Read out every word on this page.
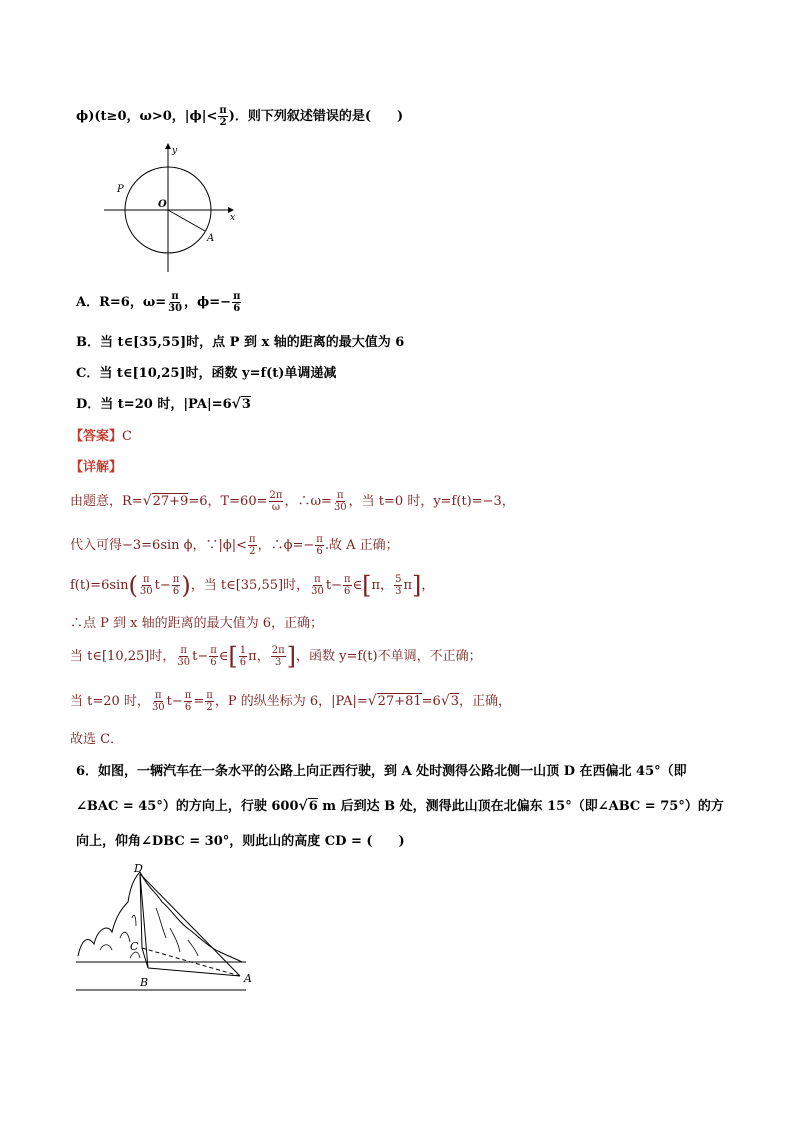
ϕ)(t≥0，ω>0，$|\phi|< \frac{\pi}{2}$ )．则下列叙述错误的是(　　)
y
P
O
x
A
A．R=6，$\omega= \frac{\pi}{30}$ ，$\phi=- \frac{\pi}{6}$
B．当 t∈[35,55]时，点 P 到 x 轴的距离的最大值为 6
C．当 t∈[10,25]时，函数 y=f(t)单调递减
D．当 t=20 时，|PA|=6√3
【答案】C
【详解】
由题意，R=√27+9=6，$T=60= \frac{2\pi}{\omega}$ ，∴ω= $\frac{\pi}{30}$ ，当 t=0 时，y=f(t)=−3，
代入可得−3=6sin ϕ，∵|ϕ|< $\frac{\pi}{2}$ ，∴ϕ=− $\frac{\pi}{6}$ .故 A 正确；
$f(t)=6\sin( \frac{\pi}{30} t- \frac{\pi}{6}$ )，当 t∈[35,55]时， $\frac{\pi}{30} t- \frac{\pi}{6}$ ∈[π， $\frac{5}{3} \pi$]，
∴点 P 到 x 轴的距离的最大值为 6，正确；
当 t∈[10,25]时， $\frac{\pi}{30} t- \frac{\pi}{6}$ ∈[ $\frac{1}{6}$ π， $\frac{2\pi}{3}$ ]，函数 y=f(t)不单调，不正确；
当 t=20 时， $\frac{\pi}{30} t- \frac{\pi}{6} = \frac{\pi}{2}$ ，P 的纵坐标为 6，|PA|=√27+81=6√3，正确，
故选 C．
6．如图，一辆汽车在一条水平的公路上向正西行驶，到 A 处时测得公路北侧一山顶 D 在西偏北 45°（即
∠BAC = 45°）的方向上，行驶 600√6 m 后到达 B 处，测得此山顶在北偏东 15°（即∠ABC = 75°）的方
向上，仰角∠DBC = 30°，则此山的高度 CD = (　　)
D
C
B	A
